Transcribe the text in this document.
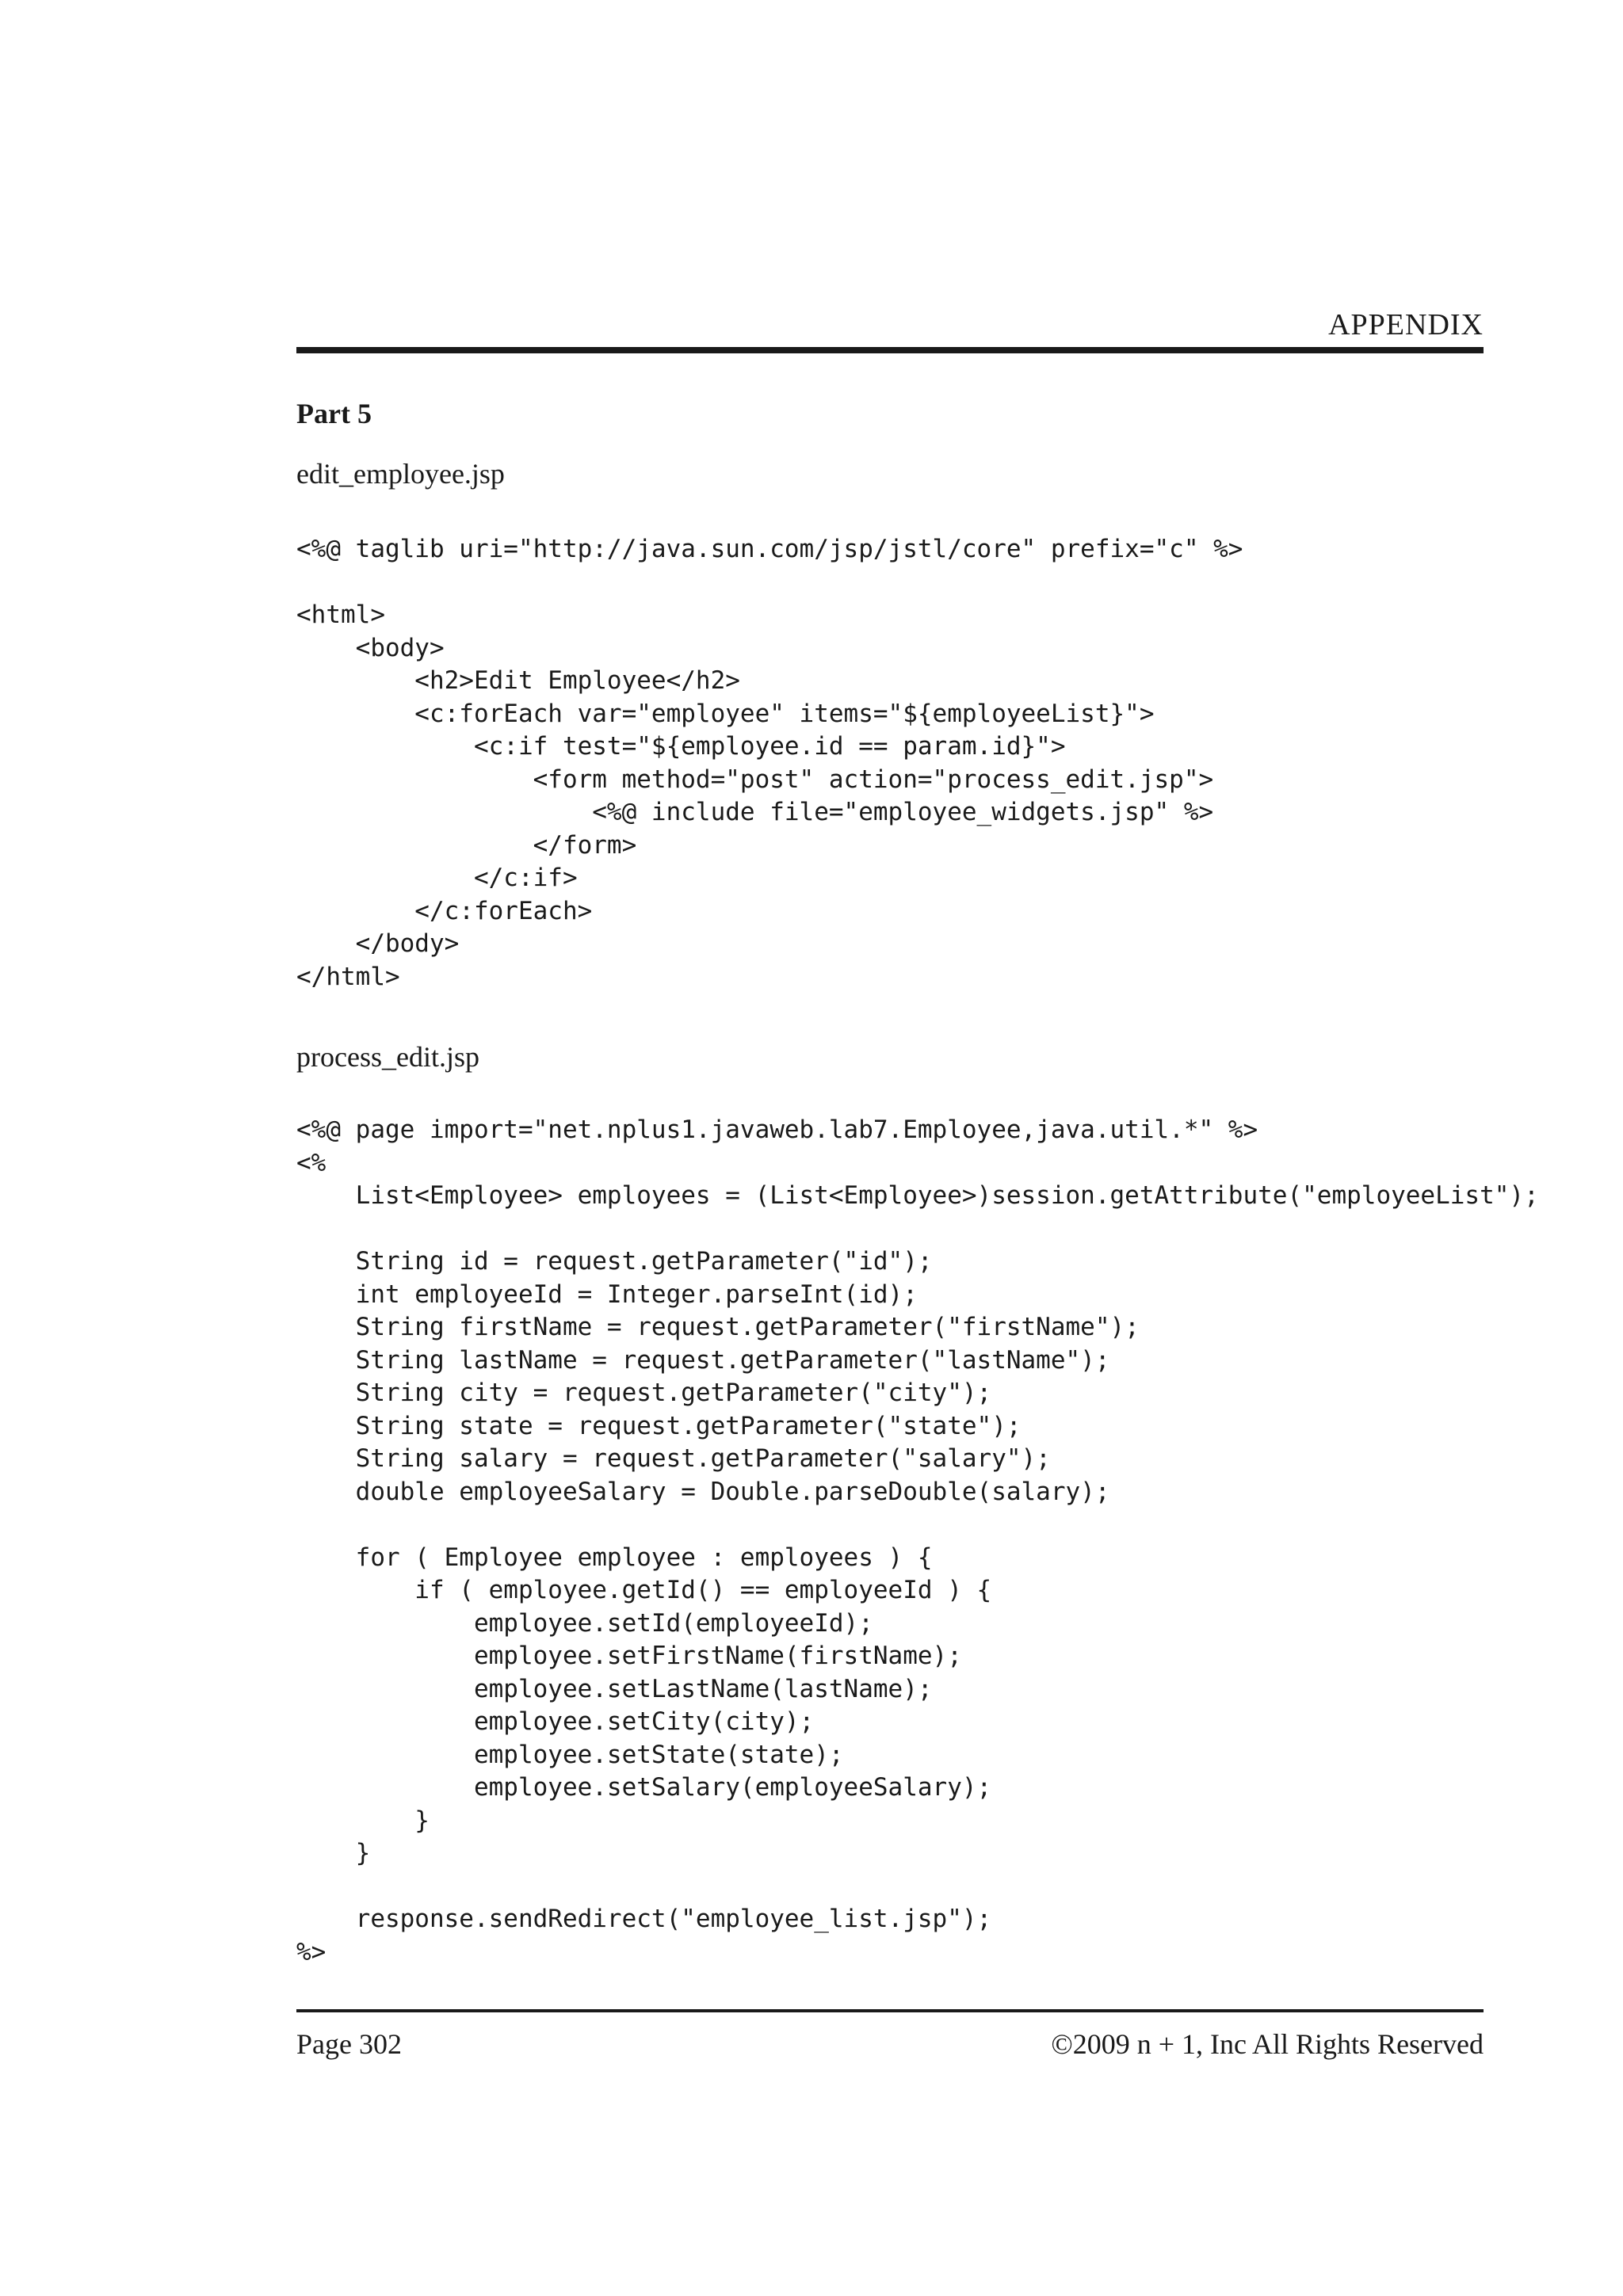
APPENDIX
Part 5
edit_employee.jsp
<%@ taglib uri="http://java.sun.com/jsp/jstl/core" prefix="c" %>
<html>
<body>
<h2>Edit Employee</h2>
<c:forEach var="employee" items="${employeeList}">
<c:if test="${employee.id == param.id}">
<form method="post" action="process_edit.jsp">
<%@ include file="employee_widgets.jsp" %>
</form>
</c:if>
</c:forEach>
</body>
</html>
process_edit.jsp
<%@ page import="net.nplus1.javaweb.lab7.Employee,java.util.*" %>
<%
List<Employee> employees = (List<Employee>)session.getAttribute("employeeList");
String id = request.getParameter("id");
int employeeId = Integer.parseInt(id);
String firstName = request.getParameter("firstName");
String lastName = request.getParameter("lastName");
String city = request.getParameter("city");
String state = request.getParameter("state");
String salary = request.getParameter("salary");
double employeeSalary = Double.parseDouble(salary);
for ( Employee employee : employees ) {
if ( employee.getId() == employeeId ) {
employee.setId(employeeId);
employee.setFirstName(firstName);
employee.setLastName(lastName);
employee.setCity(city);
employee.setState(state);
employee.setSalary(employeeSalary);
}
}
response.sendRedirect("employee_list.jsp");
%>
Page 302	©2009 n + 1, Inc All Rights Reserved
